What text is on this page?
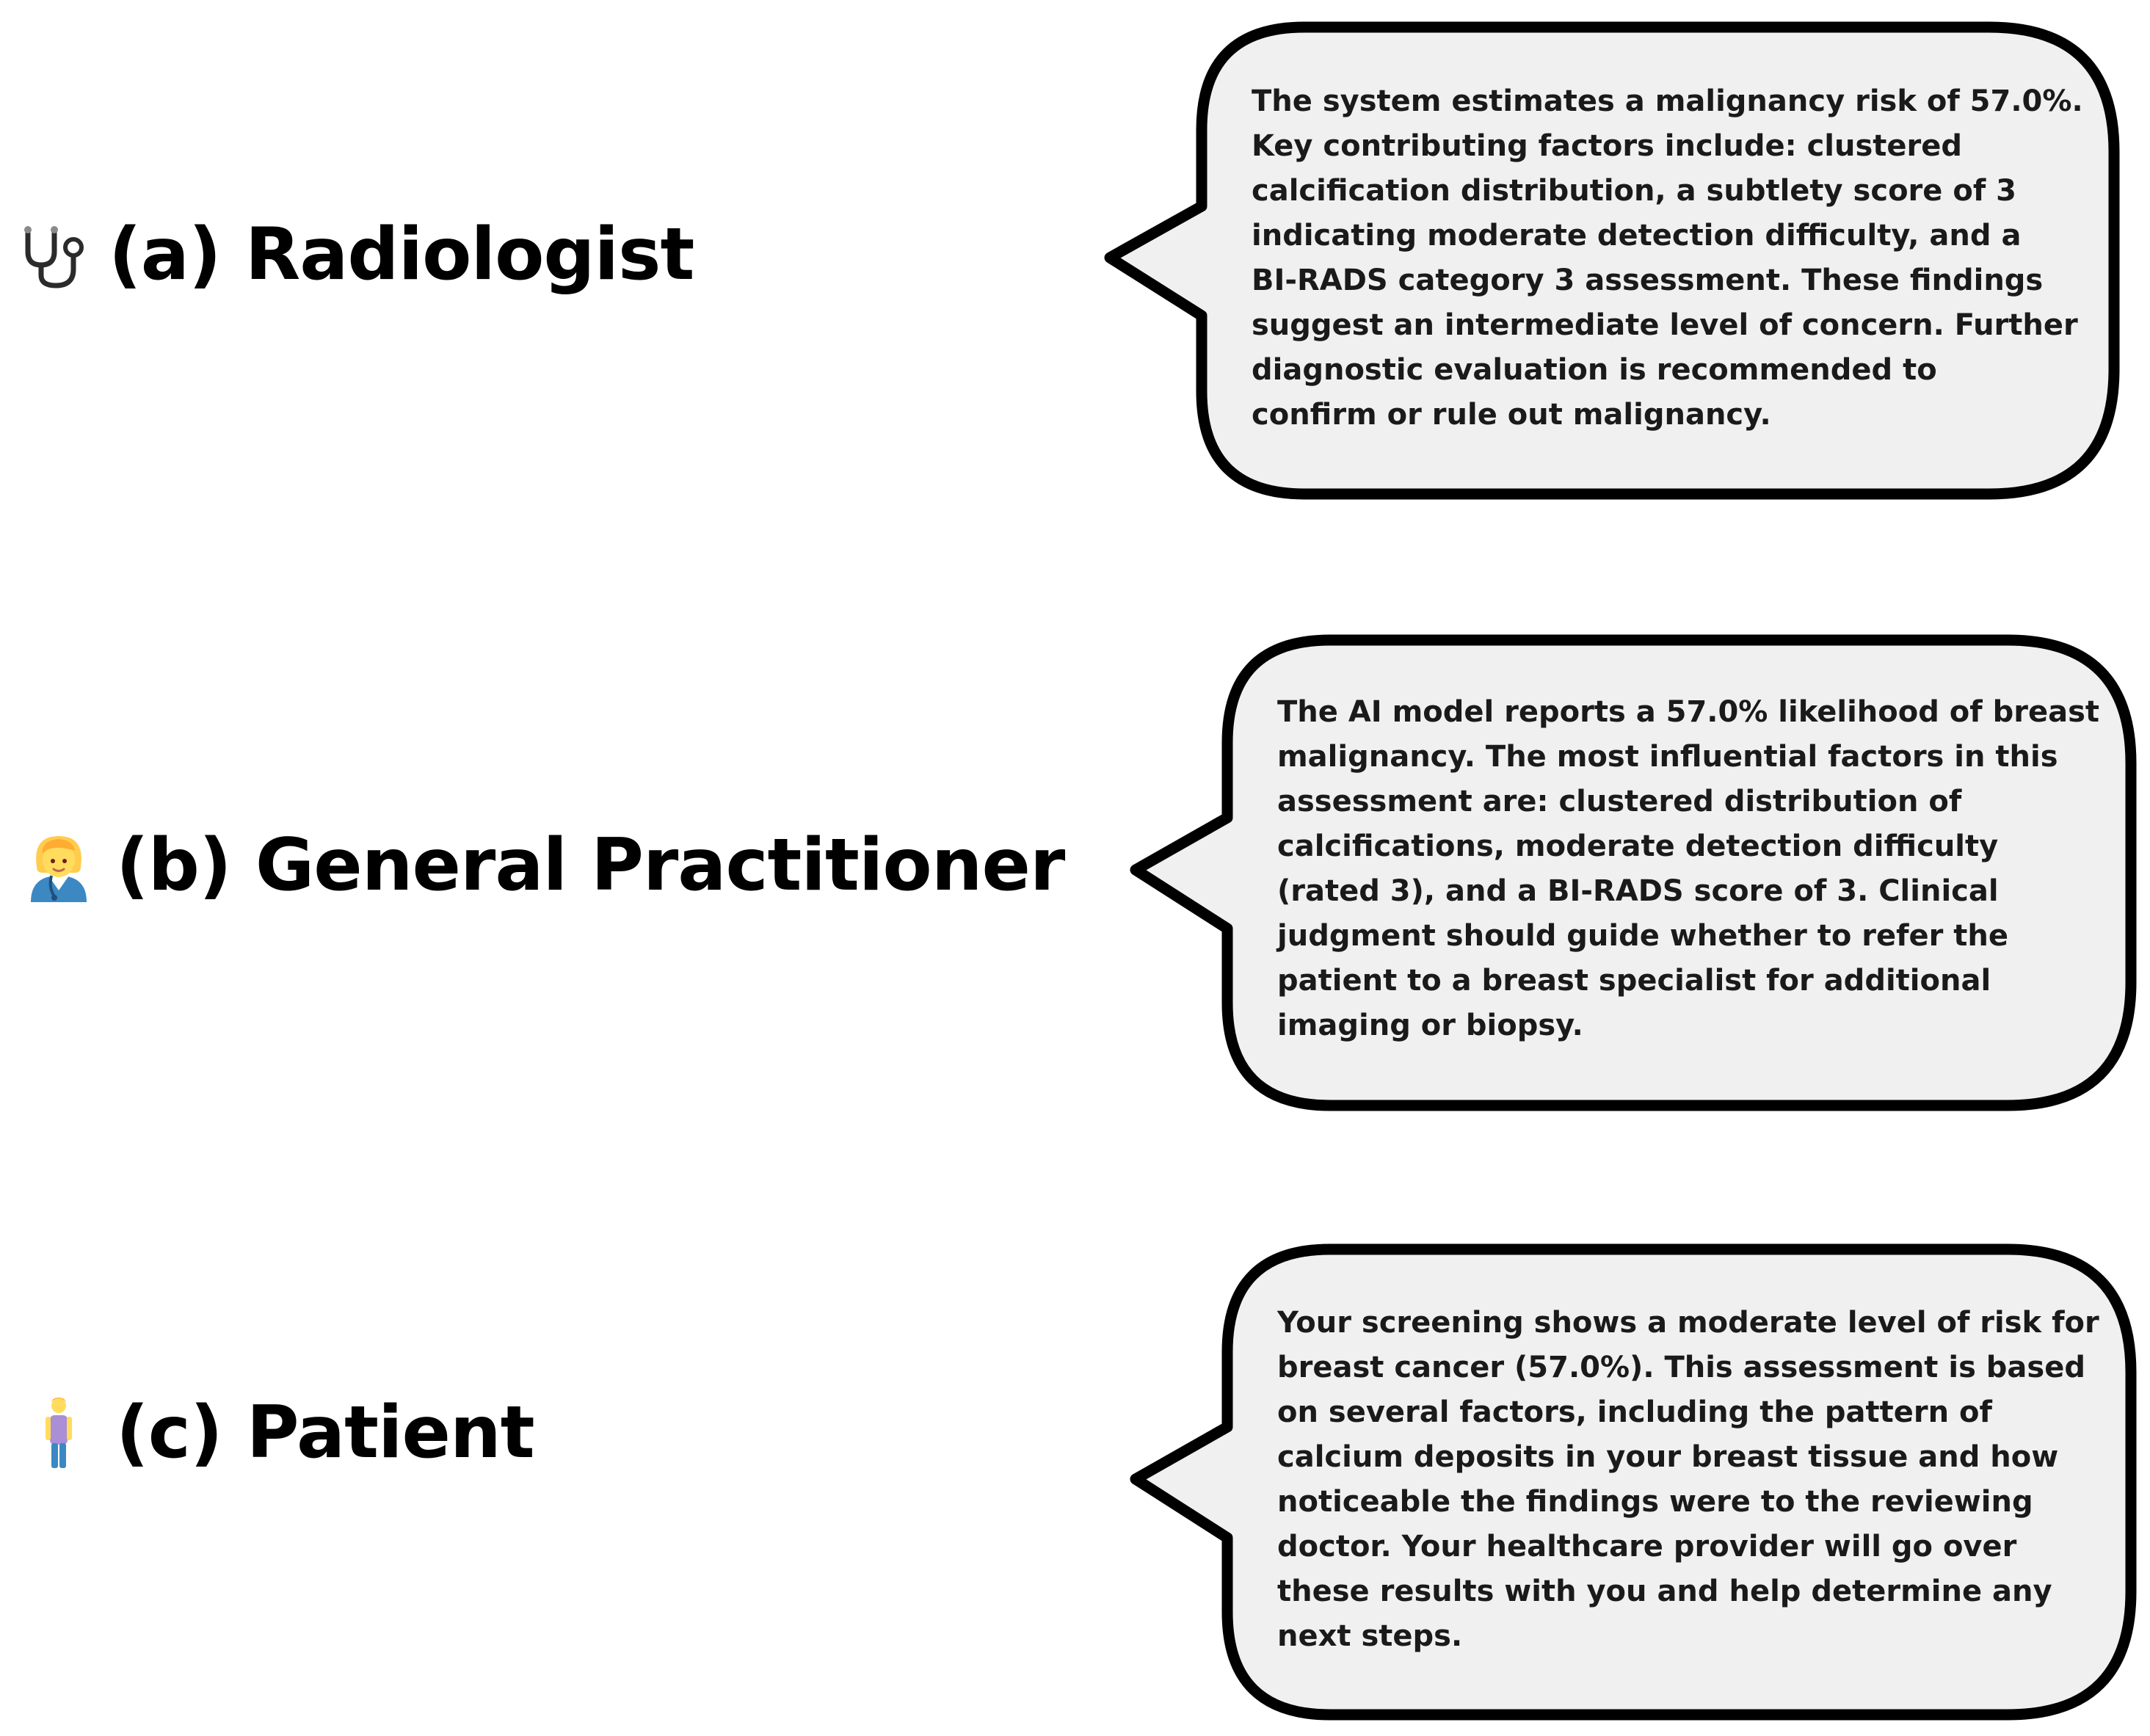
(a) Radiologist
(b) General Practitioner
(c) Patient

The system estimates a malignancy risk of 57.0%.
Key contributing factors include: clustered
calcification distribution, a subtlety score of 3
indicating moderate detection difficulty, and a
BI-RADS category 3 assessment. These findings
suggest an intermediate level of concern. Further
diagnostic evaluation is recommended to
confirm or rule out malignancy.

The AI model reports a 57.0% likelihood of breast
malignancy. The most influential factors in this
assessment are: clustered distribution of
calcifications, moderate detection difficulty
(rated 3), and a BI-RADS score of 3. Clinical
judgment should guide whether to refer the
patient to a breast specialist for additional
imaging or biopsy.

Your screening shows a moderate level of risk for
breast cancer (57.0%). This assessment is based
on several factors, including the pattern of
calcium deposits in your breast tissue and how
noticeable the findings were to the reviewing
doctor. Your healthcare provider will go over
these results with you and help determine any
next steps.
